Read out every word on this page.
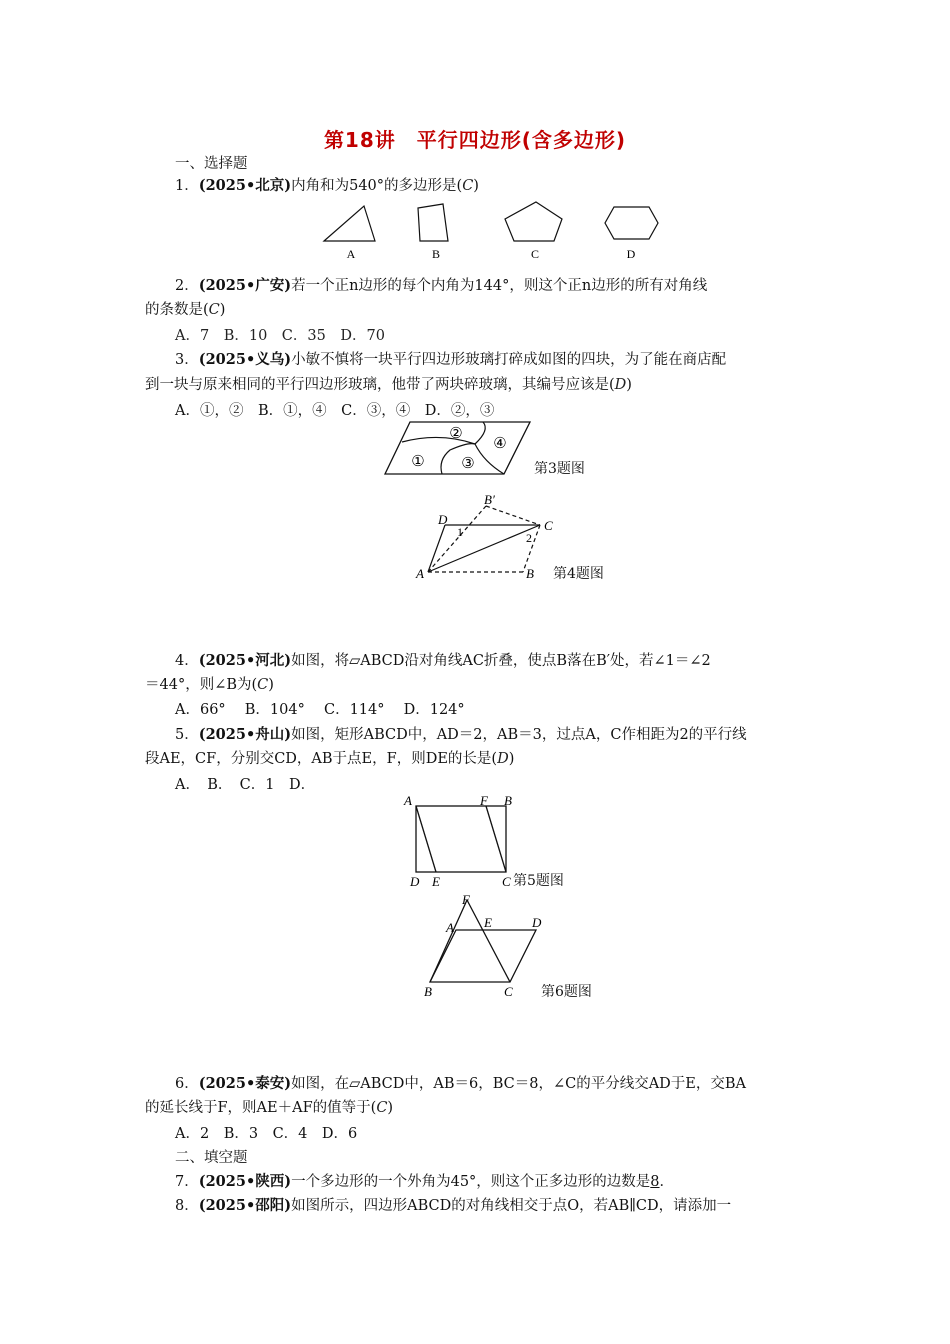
第18讲　平行四边形(含多边形)
一、选择题
1．(2025•北京)内角和为540°的多边形是(C)
A	B	C	D
2．(2025•广安)若一个正n边形的每个内角为144°，则这个正n边形的所有对角线
的条数是(C)
A．7　B．10　C．35　D．70
3．(2025•义乌)小敏不慎将一块平行四边形玻璃打碎成如图的四块，为了能在商店配
到一块与原来相同的平行四边形玻璃，他带了两块碎玻璃，其编号应该是(D)
A．①，②　B．①，④　C．③，④　D．②，③
②
④
① ③	第3题图
D
B′
C
1	2
A	B 第4题图
4．(2025•河北)如图，将▱ABCD沿对角线AC折叠，使点B落在B′处，若∠1＝∠2
＝44°，则∠B为(C)
A．66°　 B．104°　 C．114°　 D．124°
5．(2025•舟山)如图，矩形ABCD中，AD＝2，AB＝3，过点A，C作相距为2的平行线
段AE，CF，分别交CD，AB于点E，F，则DE的长是(D)
A．　B．　C．1　D．
A	F B
D E	C 第5题图
F
A E	D
B	C 第6题图
6．(2025•泰安)如图，在▱ABCD中，AB＝6，BC＝8，∠C的平分线交AD于E，交BA
的延长线于F，则AE＋AF的值等于(C)
A．2　B．3　C．4　D．6
二、填空题
7．(2025•陕西)一个多边形的一个外角为45°，则这个正多边形的边数是8．
8．(2025•邵阳)如图所示，四边形ABCD的对角线相交于点O，若AB∥CD，请添加一
